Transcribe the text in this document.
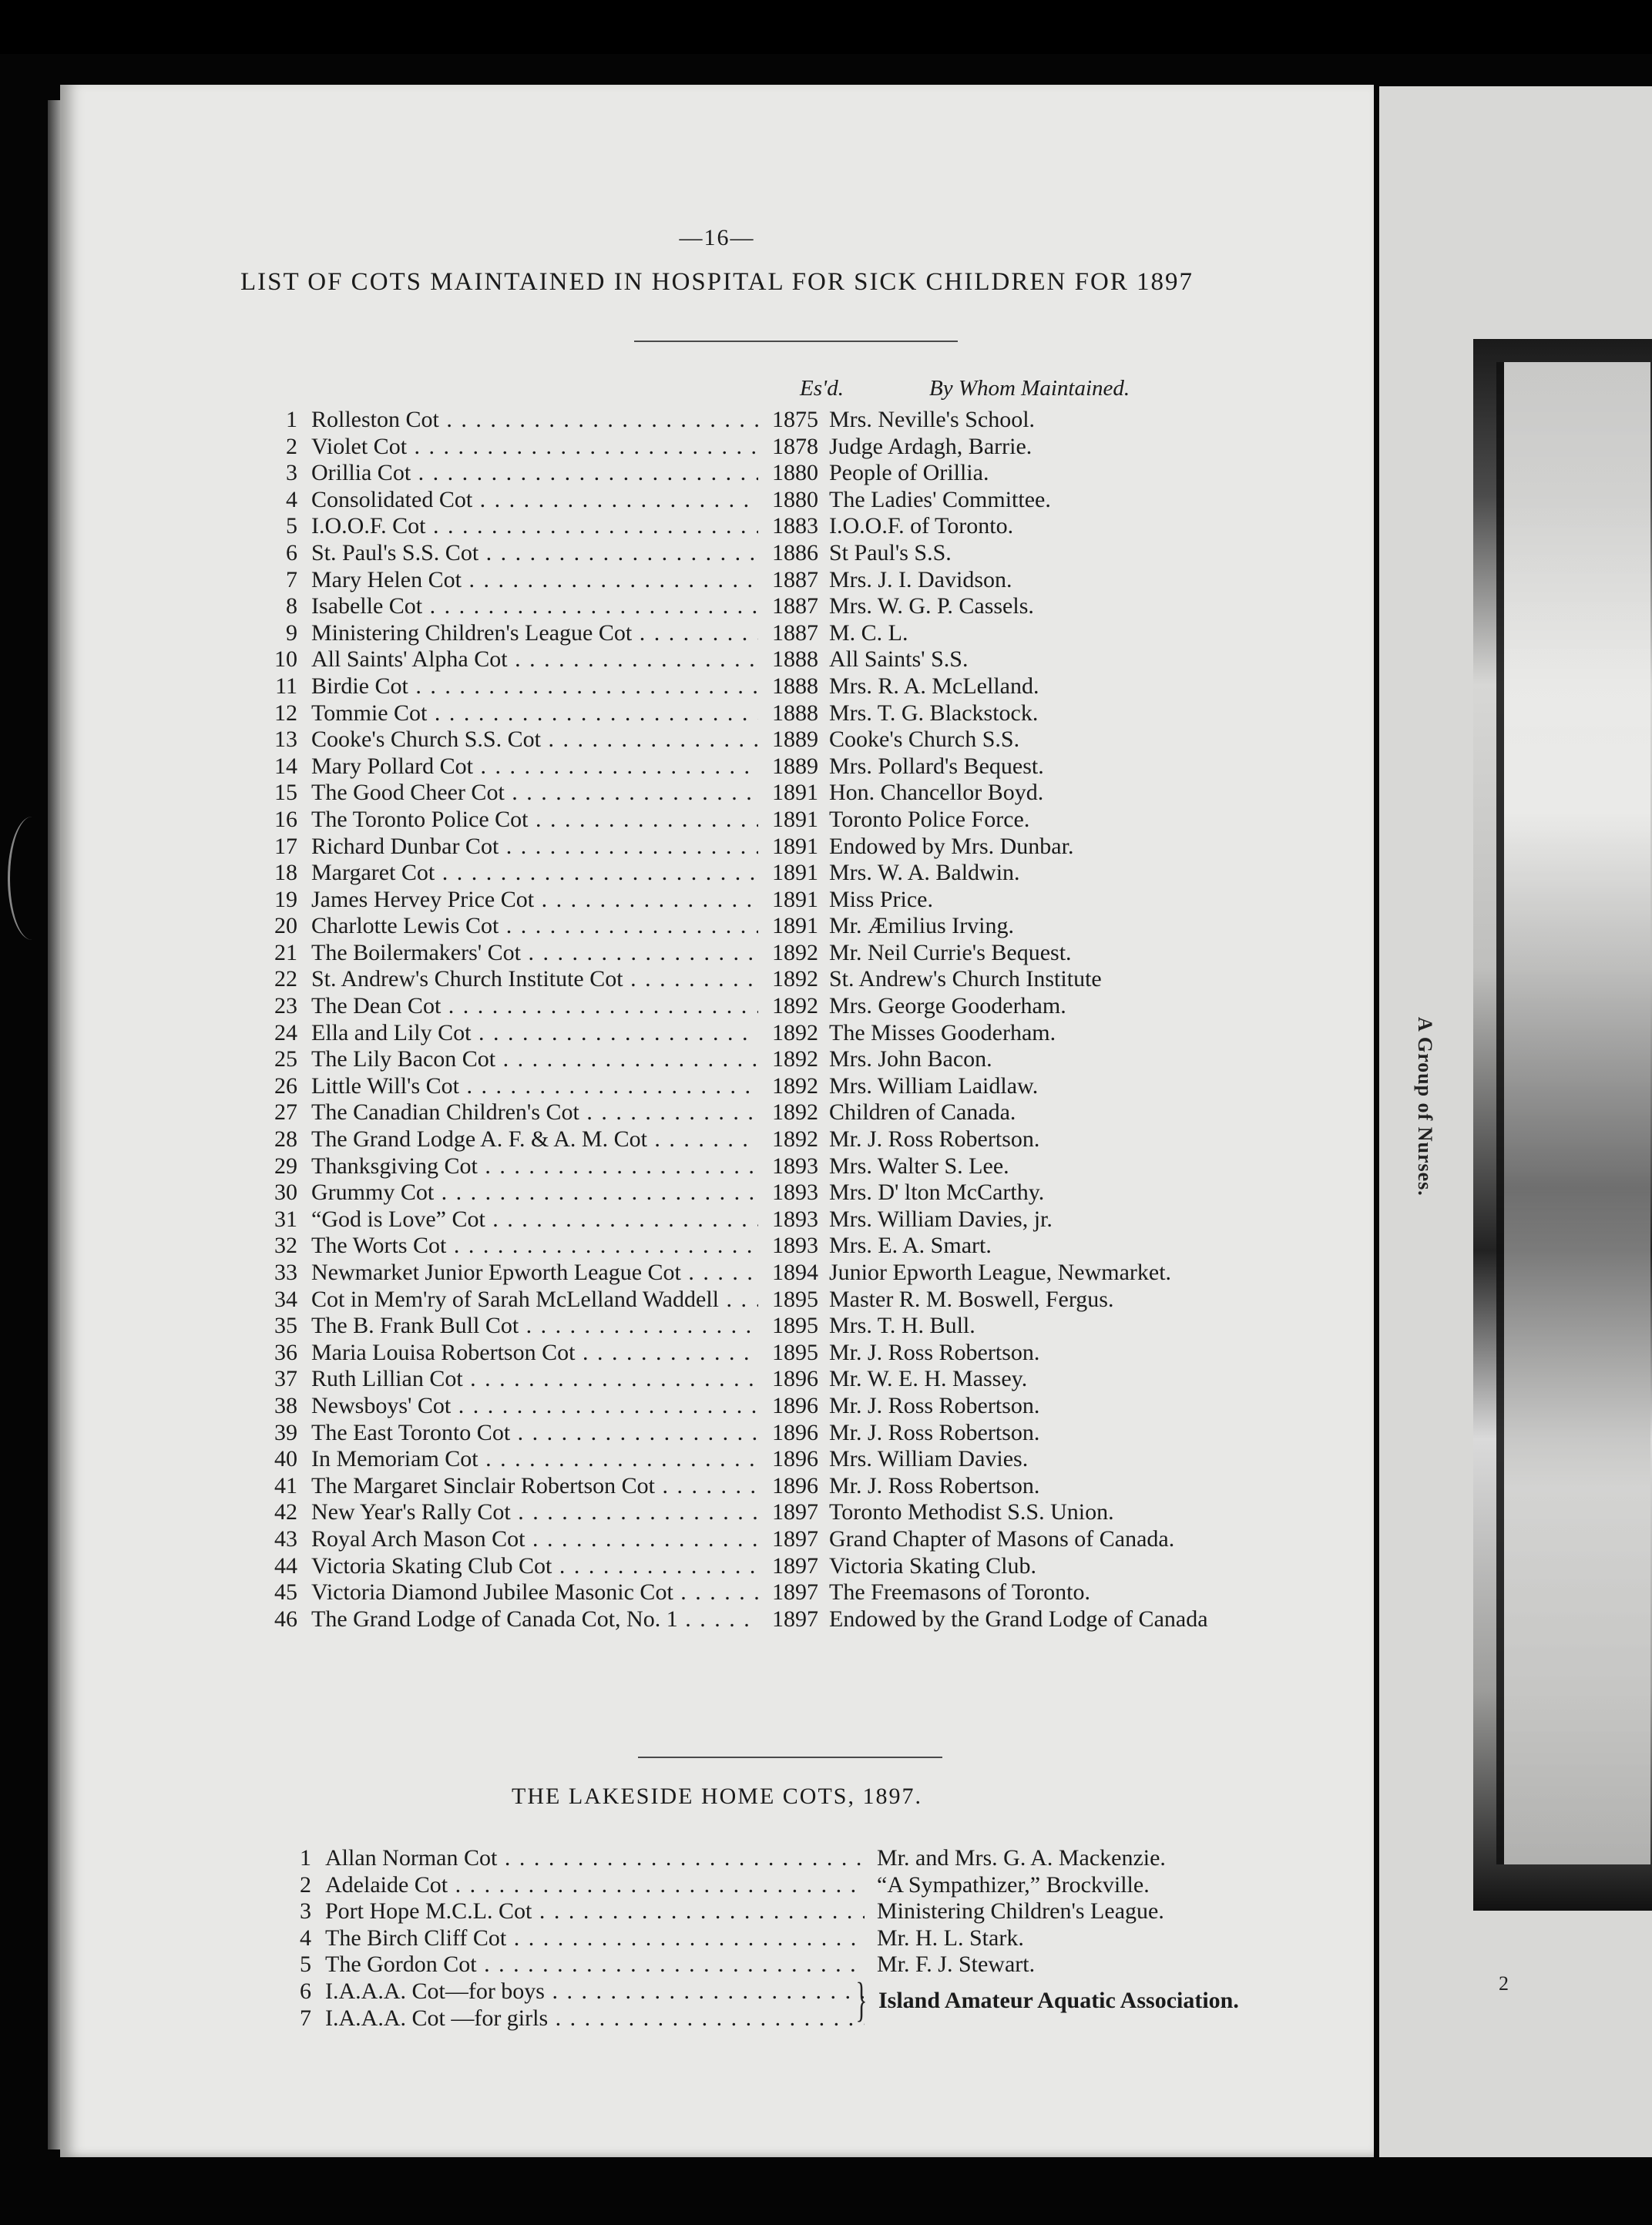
—16—
LIST OF COTS MAINTAINED IN HOSPITAL FOR SICK CHILDREN FOR 1897
Es'd.	By Whom Maintained.
1 Rolleston Cot . . .	1875 Mrs. Neville's School.
2 Violet Cot . . .	1878 Judge Ardagh, Barrie.
3 Orillia Cot . . .	1880 People of Orillia.
4 Consolidated Cot . . .	1880 The Ladies' Committee.
5 I.O.O.F. Cot . . .	1883 I.O.O.F. of Toronto.
6 St. Paul's S.S. Cot . . .	1886 St Paul's S.S.
7 Mary Helen Cot . . .	1887 Mrs. J. I. Davidson.
8 Isabelle Cot . . .	1887 Mrs. W. G. P. Cassels.
9 Ministering Children's League Cot . . .	1887 M. C. L.
10 All Saints' Alpha Cot . . .	1888 All Saints' S.S.
11 Birdie Cot . . .	1888 Mrs. R. A. McLelland.
12 Tommie Cot . . .	1888 Mrs. T. G. Blackstock.
13 Cooke's Church S.S. Cot . . .	1889 Cooke's Church S.S.
14 Mary Pollard Cot . . .	1889 Mrs. Pollard's Bequest.
15 The Good Cheer Cot . . .	1891 Hon. Chancellor Boyd.
16 The Toronto Police Cot . . .	1891 Toronto Police Force.
17 Richard Dunbar Cot . . .	1891 Endowed by Mrs. Dunbar.
18 Margaret Cot . . .	1891 Mrs. W. A. Baldwin.
19 James Hervey Price Cot . . .	1891 Miss Price.
20 Charlotte Lewis Cot . . .	1891 Mr. Æmilius Irving.
21 The Boilermakers' Cot . . .	1892 Mr. Neil Currie's Bequest.
22 St. Andrew's Church Institute Cot . . .	1892 St. Andrew's Church Institute
23 The Dean Cot . . .	1892 Mrs. George Gooderham.
24 Ella and Lily Cot . . .	1892 The Misses Gooderham.
25 The Lily Bacon Cot . . .	1892 Mrs. John Bacon.
26 Little Will's Cot . . .	1892 Mrs. William Laidlaw.
27 The Canadian Children's Cot . . .	1892 Children of Canada.
28 The Grand Lodge A. F. & A. M. Cot . . .	1892 Mr. J. Ross Robertson.
29 Thanksgiving Cot . . .	1893 Mrs. Walter S. Lee.
30 Grummy Cot . . .	1893 Mrs. D' lton McCarthy.
31 “God is Love” Cot . . .	1893 Mrs. William Davies, jr.
32 The Worts Cot . . .	1893 Mrs. E. A. Smart.
33 Newmarket Junior Epworth League Cot . . .	1894 Junior Epworth League, Newmarket.
34 Cot in Mem'ry of Sarah McLelland Waddell . . .	1895 Master R. M. Boswell, Fergus.
35 The B. Frank Bull Cot . . .	1895 Mrs. T. H. Bull.
36 Maria Louisa Robertson Cot . . .	1895 Mr. J. Ross Robertson.
37 Ruth Lillian Cot . . .	1896 Mr. W. E. H. Massey.
38 Newsboys' Cot . . .	1896 Mr. J. Ross Robertson.
39 The East Toronto Cot . . .	1896 Mr. J. Ross Robertson.
40 In Memoriam Cot . . .	1896 Mrs. William Davies.
41 The Margaret Sinclair Robertson Cot . . .	1896 Mr. J. Ross Robertson.
42 New Year's Rally Cot . . .	1897 Toronto Methodist S.S. Union.
43 Royal Arch Mason Cot . . .	1897 Grand Chapter of Masons of Canada.
44 Victoria Skating Club Cot . . .	1897 Victoria Skating Club.
45 Victoria Diamond Jubilee Masonic Cot . . .	1897 The Freemasons of Toronto.
46 The Grand Lodge of Canada Cot, No. 1 . . .	1897 Endowed by the Grand Lodge of Canada
THE LAKESIDE HOME COTS, 1897.
1 Allan Norman Cot . . .	Mr. and Mrs. G. A. Mackenzie.
2 Adelaide Cot . . .	“A Sympathizer,” Brockville.
3 Port Hope M.C.L. Cot . . .	Ministering Children's League.
4 The Birch Cliff Cot . . .	Mr. H. L. Stark.
5 The Gordon Cot . . .	Mr. F. J. Stewart.
6 I.A.A.A. Cot—for boys . . .
7 I.A.A.A. Cot —for girls . . .	} Island Amateur Aquatic Association.
A Group of Nurses.
2
